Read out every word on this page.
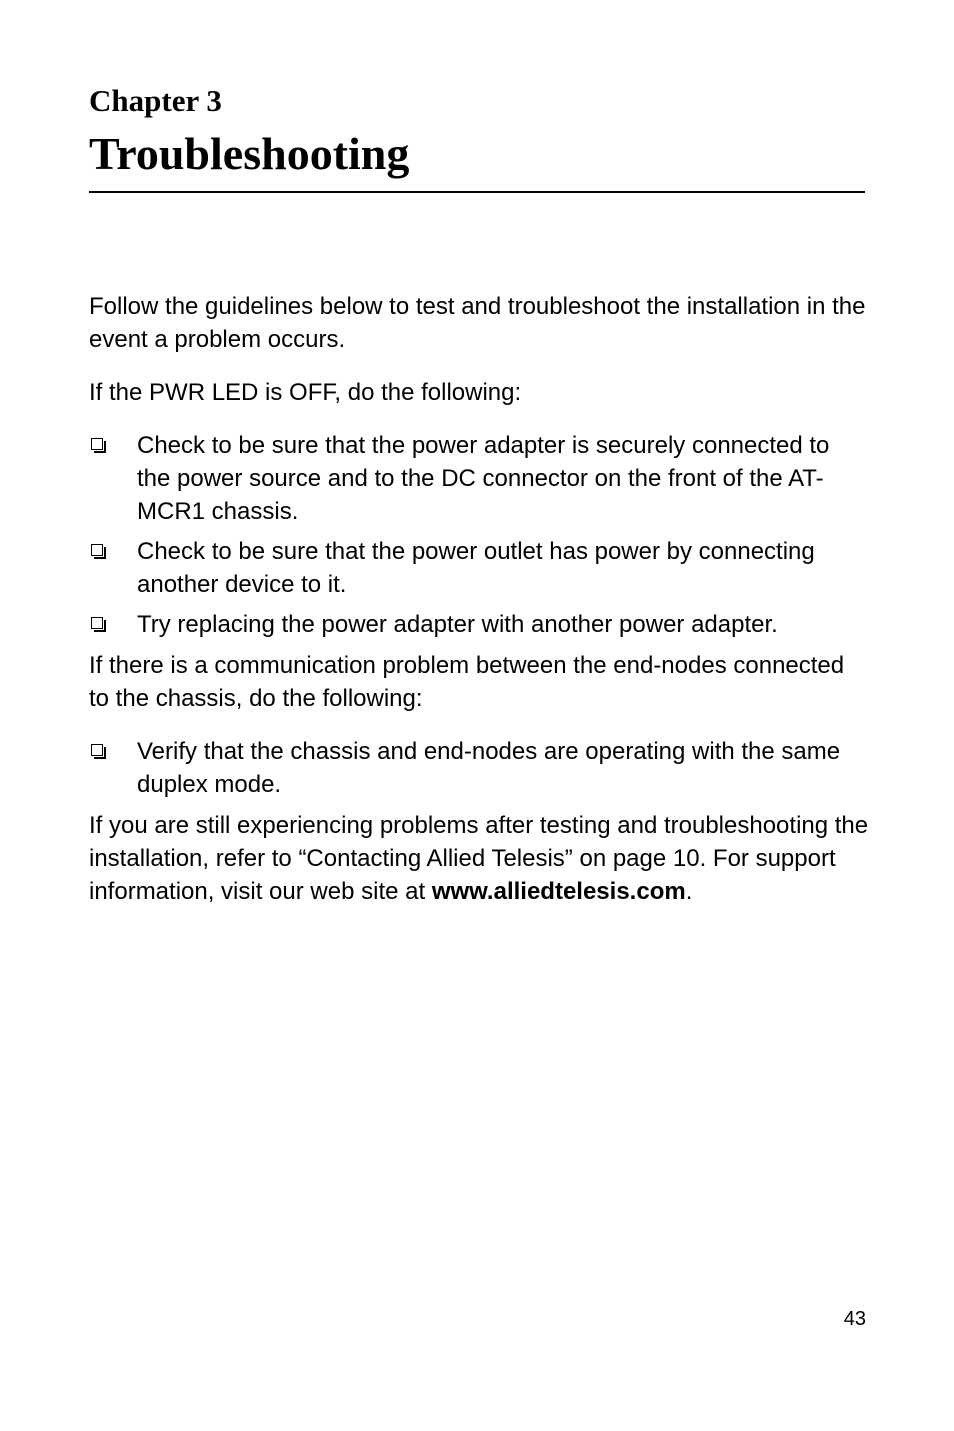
Chapter 3
Troubleshooting

Follow the guidelines below to test and troubleshoot the installation in the event a problem occurs.

If the PWR LED is OFF, do the following:

Check to be sure that the power adapter is securely connected to the power source and to the DC connector on the front of the AT-MCR1 chassis.
Check to be sure that the power outlet has power by connecting another device to it.
Try replacing the power adapter with another power adapter.

If there is a communication problem between the end-nodes connected to the chassis, do the following:

Verify that the chassis and end-nodes are operating with the same duplex mode.

If you are still experiencing problems after testing and troubleshooting the installation, refer to “Contacting Allied Telesis” on page 10. For support information, visit our web site at www.alliedtelesis.com.

43
